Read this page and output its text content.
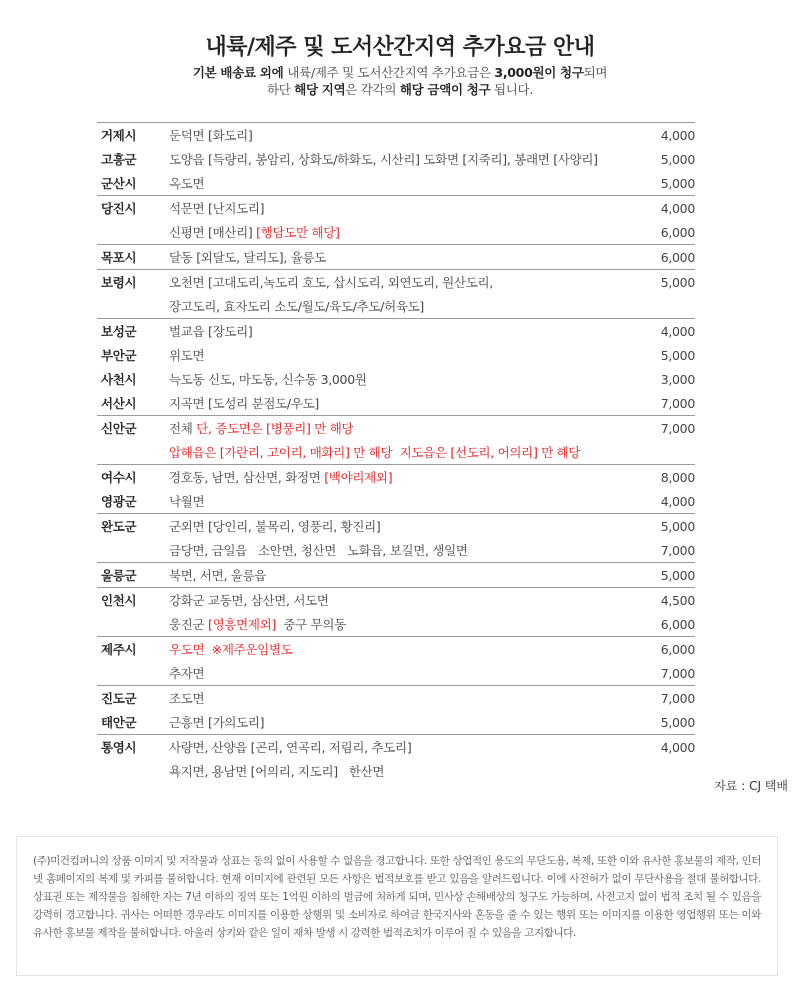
내륙/제주 및 도서산간지역 추가요금 안내
기본 배송료 외에 내륙/제주 및 도서산간지역 추가요금은 3,000원이 청구되며
하단 해당 지역은 각각의 해당 금액이 청구 됩니다.
거제시	둔덕면 [화도리]	4,000
고흥군	도양읍 [득량리, 봉암리, 상화도/하화도, 시산리] 도화면 [지죽리], 봉래면 [사양리]	5,000
군산시	옥도면	5,000
당진시	석문면 [난지도리]	4,000
	신평면 [매산리] [행담도만 해당]	6,000
목포시	달동 [외달도, 달리도], 율릉도	6,000
보령시	오천면 [고대도리,녹도리 호도, 삽시도리, 외연도리, 원산도리,	5,000
	장고도리, 효자도리 소도/월도/육도/추도/허육도]	
보성군	벌교읍 [장도리]	4,000
부안군	위도면	5,000
사천시	늑도동 신도, 마도동, 신수동 3,000원	3,000
서산시	지곡면 [도성리 분점도/우도]	7,000
신안군	전체 단, 증도면은 [병풍리] 만 해당	7,000
	압해읍은 [가란리, 고이리, 매화리] 만 해당  지도읍은 [선도리, 어의리] 만 해당	
여수시	경호동, 남면, 삼산면, 화정면 [백야리제외]	8,000
영광군	낙월면	4,000
완도군	군외면 [당인리, 불목리, 영풍리, 황진리]	5,000
	금당면, 금일읍   소안면, 청산면   노화읍, 보길면, 생일면	7,000
울릉군	북면, 서면, 울릉읍	5,000
인천시	강화군 교동면, 삼산면, 서도면	4,500
	웅진군 [영흥면제외]  중구 무의동	6,000
제주시	우도면  ※제주운임별도	6,000
	추자면	7,000
진도군	조도면	7,000
태안군	근흥면 [가의도리]	5,000
통영시	사량면, 산양읍 [곤리, 연곡리, 저림리, 추도리]	4,000
	욕지면, 용남면 [어의리, 지도리]   한산면	
자료 : CJ 택배

(주)미건컴퍼니의 상품 이미지 및 저작물과 상표는 동의 없이 사용할 수 없음을 경고합니다. 또한 상업적인 용도의 무단도용, 복제, 또한 이와 유사한 홍보물의 제작, 인터넷 홈페이지의 복제 및 카피를 불허합니다. 현재 이미지에 관련된 모든 사항은 법적보호를 받고 있음을 알려드립니다. 이에 사전허가 없이 무단사용을 절대 불허합니다. 상표권 또는 제작물을 침해한 자는 7년 이하의 징역 또는 1억원 이하의 벌금에 처하게 되며, 민사상 손해배상의 청구도 가능하며, 사전고지 없이 법적 조치 될 수 있음을 강력히 경고합니다. 귀사는 어떠한 경우라도 이미지를 이용한 상행위 및 소비자로 하여금 한국지사와 혼동을 줄 수 있는 행위 또는 이미지를 이용한 영업행위 또는 이와 유사한 홍보물 제작을 불허합니다. 아울러 상기와 같은 일이 재차 발생 시 강력한 법적조치가 이루어 질 수 있음을 고지합니다.
